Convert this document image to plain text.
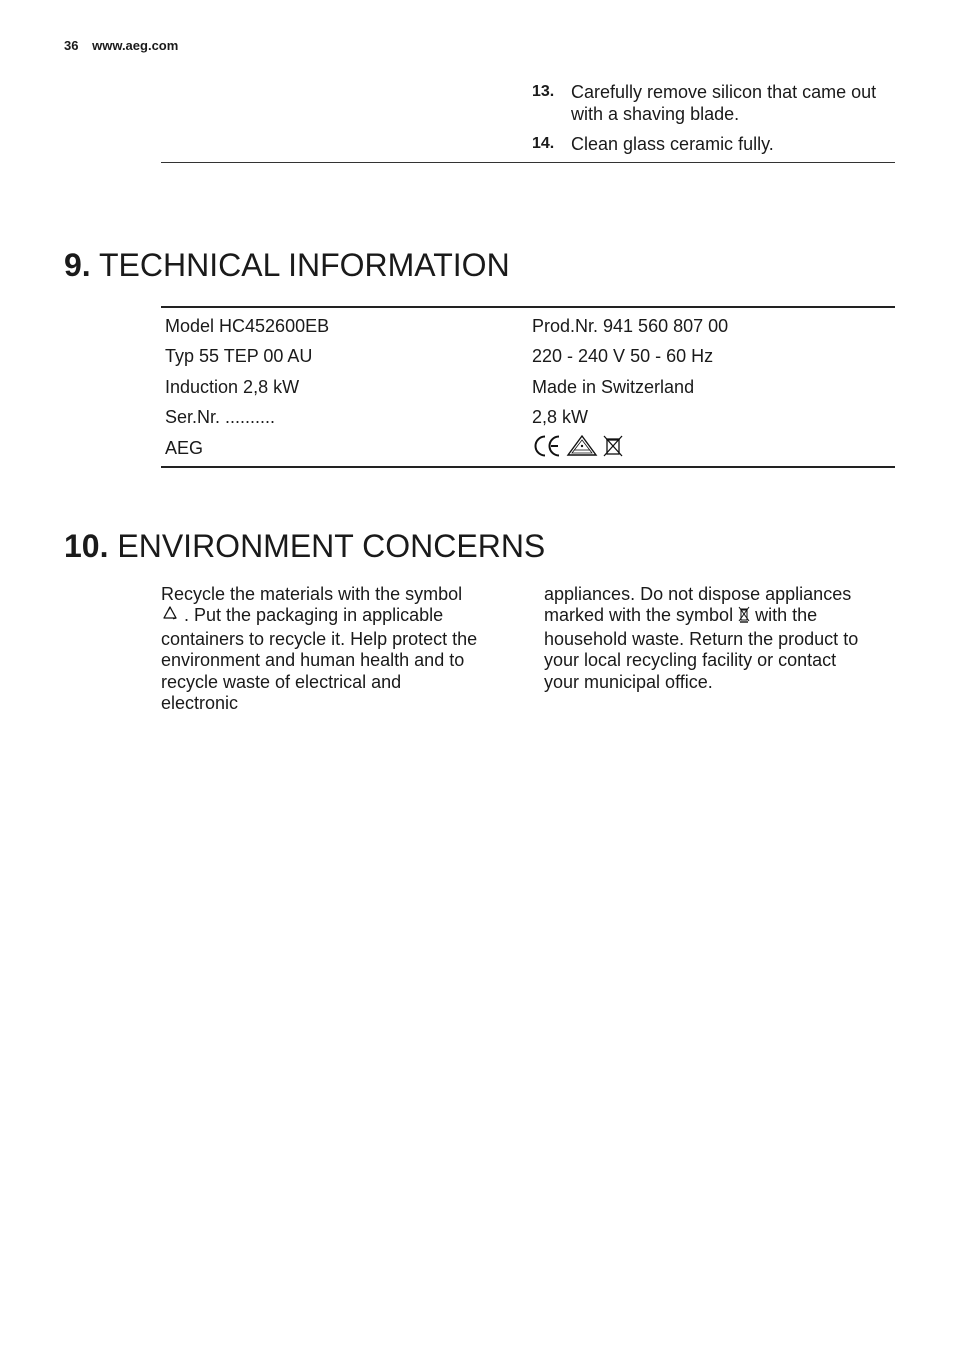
36 www.aeg.com
13. Carefully remove silicon that came out with a shaving blade.
14. Clean glass ceramic fully.
9. TECHNICAL INFORMATION
Model HC452600EB	Prod.Nr. 941 560 807 00
Typ 55 TEP 00 AU	220 - 240 V 50 - 60 Hz
Induction 2,8 kW	Made in Switzerland
Ser.Nr. ..........	2,8 kW
AEG
10. ENVIRONMENT CONCERNS
Recycle the materials with the symbol  . Put the packaging in applicable containers to recycle it. Help protect the environment and human health and to recycle waste of electrical and electronic
appliances. Do not dispose appliances marked with the symbol with the household waste. Return the product to your local recycling facility or contact your municipal office.
